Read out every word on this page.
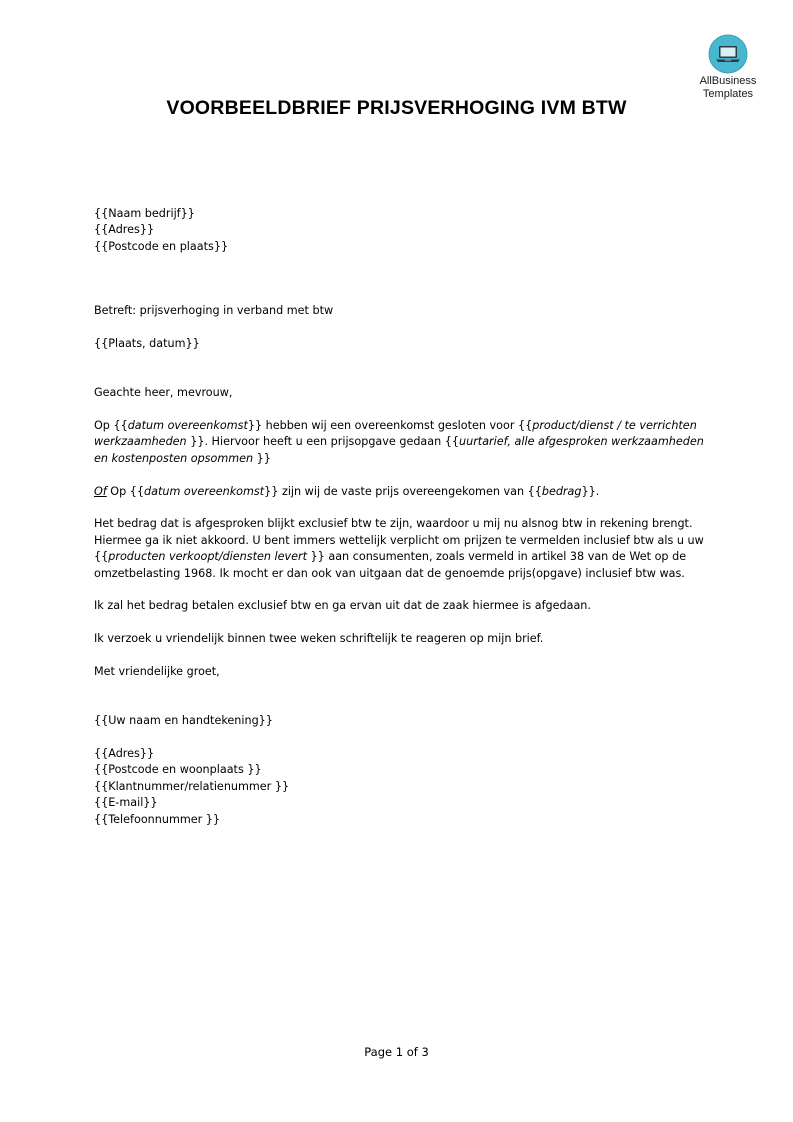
AllBusiness
Templates
VOORBEELDBRIEF PRIJSVERHOGING IVM BTW

{{Naam bedrijf}}

{{Adres}}

{{Postcode en plaats}}

Betreft: prijsverhoging in verband met btw

{{Plaats, datum}}

Geachte heer, mevrouw,

Op {{datum overeenkomst}} hebben wij een overeenkomst gesloten voor {{product/dienst / te verrichten werkzaamheden }}. Hiervoor heeft u een prijsopgave gedaan {{uurtarief, alle afgesproken werkzaamheden en kostenposten opsommen }}

Of Op {{datum overeenkomst}} zijn wij de vaste prijs overeengekomen van {{bedrag}}.

Het bedrag dat is afgesproken blijkt exclusief btw te zijn, waardoor u mij nu alsnog btw in rekening brengt. Hiermee ga ik niet akkoord. U bent immers wettelijk verplicht om prijzen te vermelden inclusief btw als u uw {{producten verkoopt/diensten levert }} aan consumenten, zoals vermeld in artikel 38 van de Wet op de omzetbelasting 1968. Ik mocht er dan ook van uitgaan dat de genoemde prijs(opgave) inclusief btw was.

Ik zal het bedrag betalen exclusief btw en ga ervan uit dat de zaak hiermee is afgedaan.

Ik verzoek u vriendelijk binnen twee weken schriftelijk te reageren op mijn brief.

Met vriendelijke groet,

{{Uw naam en handtekening}}

{{Adres}}

{{Postcode en woonplaats }}

{{Klantnummer/relatienummer }}

{{E-mail}}

{{Telefoonnummer }}

Page 1 of 3
